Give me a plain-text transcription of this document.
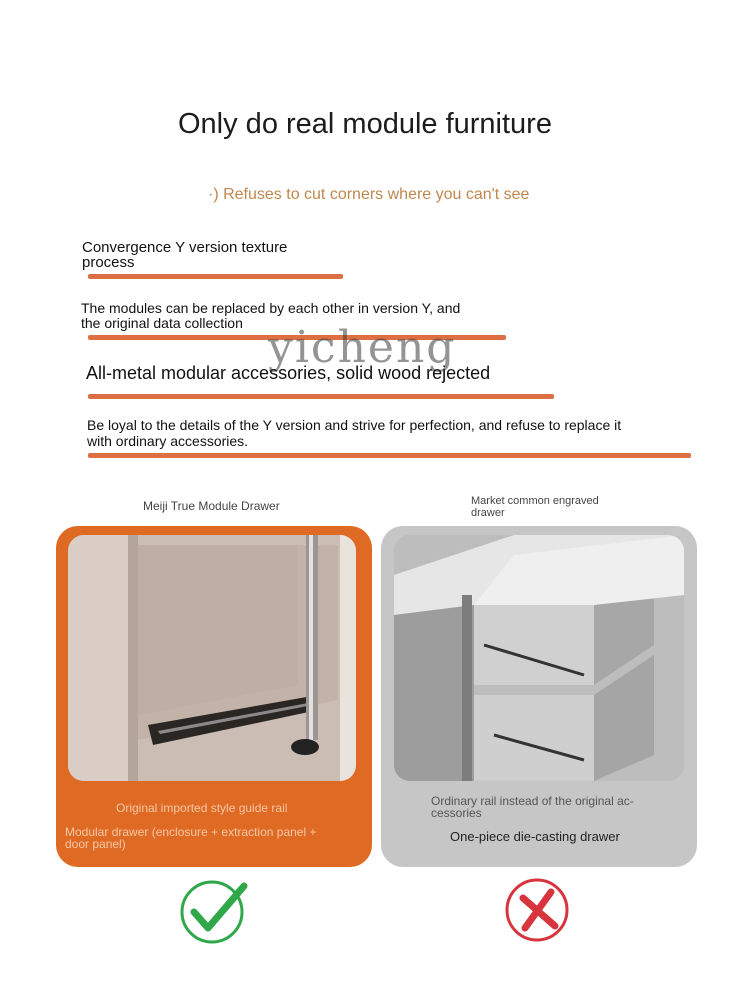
Only do real module furniture
·) Refuses to cut corners where you can't see
Convergence Y version texture
process
The modules can be replaced by each other in version Y, and
the original data collection yicheng
All-metal modular accessories, solid wood rejected
Be loyal to the details of the Y version and strive for perfection, and refuse to replace it
with ordinary accessories.
Meiji True Module Drawer	Market common engraved
drawer
Original imported style guide rail
Modular drawer (enclosure + extraction panel +
door panel)
Ordinary rail instead of the original ac-
cessories
One-piece die-casting drawer
